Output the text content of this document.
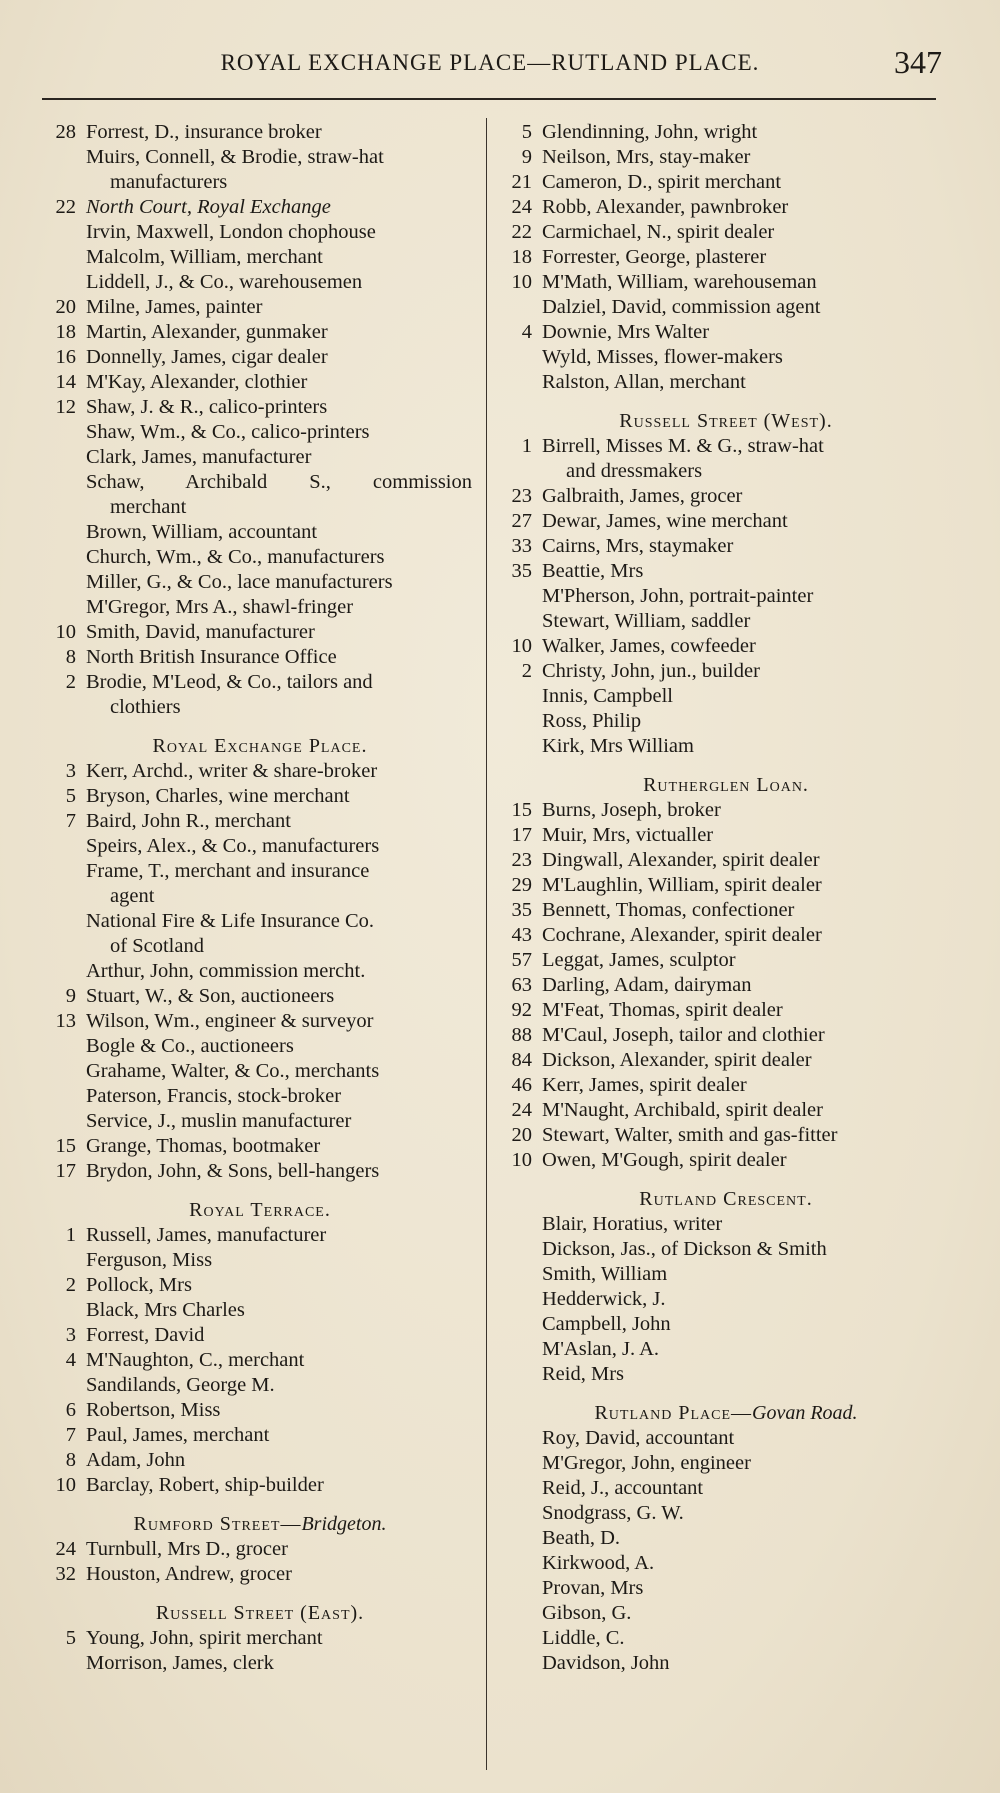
ROYAL EXCHANGE PLACE—RUTLAND PLACE.	347
28 Forrest, D., insurance broker
Muirs, Connell, & Brodie, straw-hat
manufacturers
22 North Court, Royal Exchange
Irvin, Maxwell, London chophouse
Malcolm, William, merchant
Liddell, J., & Co., warehousemen
20 Milne, James, painter
18 Martin, Alexander, gunmaker
16 Donnelly, James, cigar dealer
14 M'Kay, Alexander, clothier
12 Shaw, J. & R., calico-printers
Shaw, Wm., & Co., calico-printers
Clark, James, manufacturer
Schaw, Archibald S., commission
merchant
Brown, William, accountant
Church, Wm., & Co., manufacturers
Miller, G., & Co., lace manufacturers
M'Gregor, Mrs A., shawl-fringer
10 Smith, David, manufacturer
8 North British Insurance Office
2 Brodie, M'Leod, & Co., tailors and
clothiers
Royal Exchange Place.
3 Kerr, Archd., writer & share-broker
5 Bryson, Charles, wine merchant
7 Baird, John R., merchant
Speirs, Alex., & Co., manufacturers
Frame, T., merchant and insurance
agent
National Fire & Life Insurance Co.
of Scotland
Arthur, John, commission mercht.
9 Stuart, W., & Son, auctioneers
13 Wilson, Wm., engineer & surveyor
Bogle & Co., auctioneers
Grahame, Walter, & Co., merchants
Paterson, Francis, stock-broker
Service, J., muslin manufacturer
15 Grange, Thomas, bootmaker
17 Brydon, John, & Sons, bell-hangers
Royal Terrace.
1 Russell, James, manufacturer
Ferguson, Miss
2 Pollock, Mrs
Black, Mrs Charles
3 Forrest, David
4 M'Naughton, C., merchant
Sandilands, George M.
6 Robertson, Miss
7 Paul, James, merchant
8 Adam, John
10 Barclay, Robert, ship-builder
Rumford Street—Bridgeton.
24 Turnbull, Mrs D., grocer
32 Houston, Andrew, grocer
Russell Street (East).
5 Young, John, spirit merchant
Morrison, James, clerk
5 Glendinning, John, wright
9 Neilson, Mrs, stay-maker
21 Cameron, D., spirit merchant
24 Robb, Alexander, pawnbroker
22 Carmichael, N., spirit dealer
18 Forrester, George, plasterer
10 M'Math, William, warehouseman
Dalziel, David, commission agent
4 Downie, Mrs Walter
Wyld, Misses, flower-makers
Ralston, Allan, merchant
Russell Street (West).
1 Birrell, Misses M. & G., straw-hat
and dressmakers
23 Galbraith, James, grocer
27 Dewar, James, wine merchant
33 Cairns, Mrs, staymaker
35 Beattie, Mrs
M'Pherson, John, portrait-painter
Stewart, William, saddler
10 Walker, James, cowfeeder
2 Christy, John, jun., builder
Innis, Campbell
Ross, Philip
Kirk, Mrs William
Rutherglen Loan.
15 Burns, Joseph, broker
17 Muir, Mrs, victualler
23 Dingwall, Alexander, spirit dealer
29 M'Laughlin, William, spirit dealer
35 Bennett, Thomas, confectioner
43 Cochrane, Alexander, spirit dealer
57 Leggat, James, sculptor
63 Darling, Adam, dairyman
92 M'Feat, Thomas, spirit dealer
88 M'Caul, Joseph, tailor and clothier
84 Dickson, Alexander, spirit dealer
46 Kerr, James, spirit dealer
24 M'Naught, Archibald, spirit dealer
20 Stewart, Walter, smith and gas-fitter
10 Owen, M'Gough, spirit dealer
Rutland Crescent.
Blair, Horatius, writer
Dickson, Jas., of Dickson & Smith
Smith, William
Hedderwick, J.
Campbell, John
M'Aslan, J. A.
Reid, Mrs
Rutland Place—Govan Road.
Roy, David, accountant
M'Gregor, John, engineer
Reid, J., accountant
Snodgrass, G. W.
Beath, D.
Kirkwood, A.
Provan, Mrs
Gibson, G.
Liddle, C.
Davidson, John
